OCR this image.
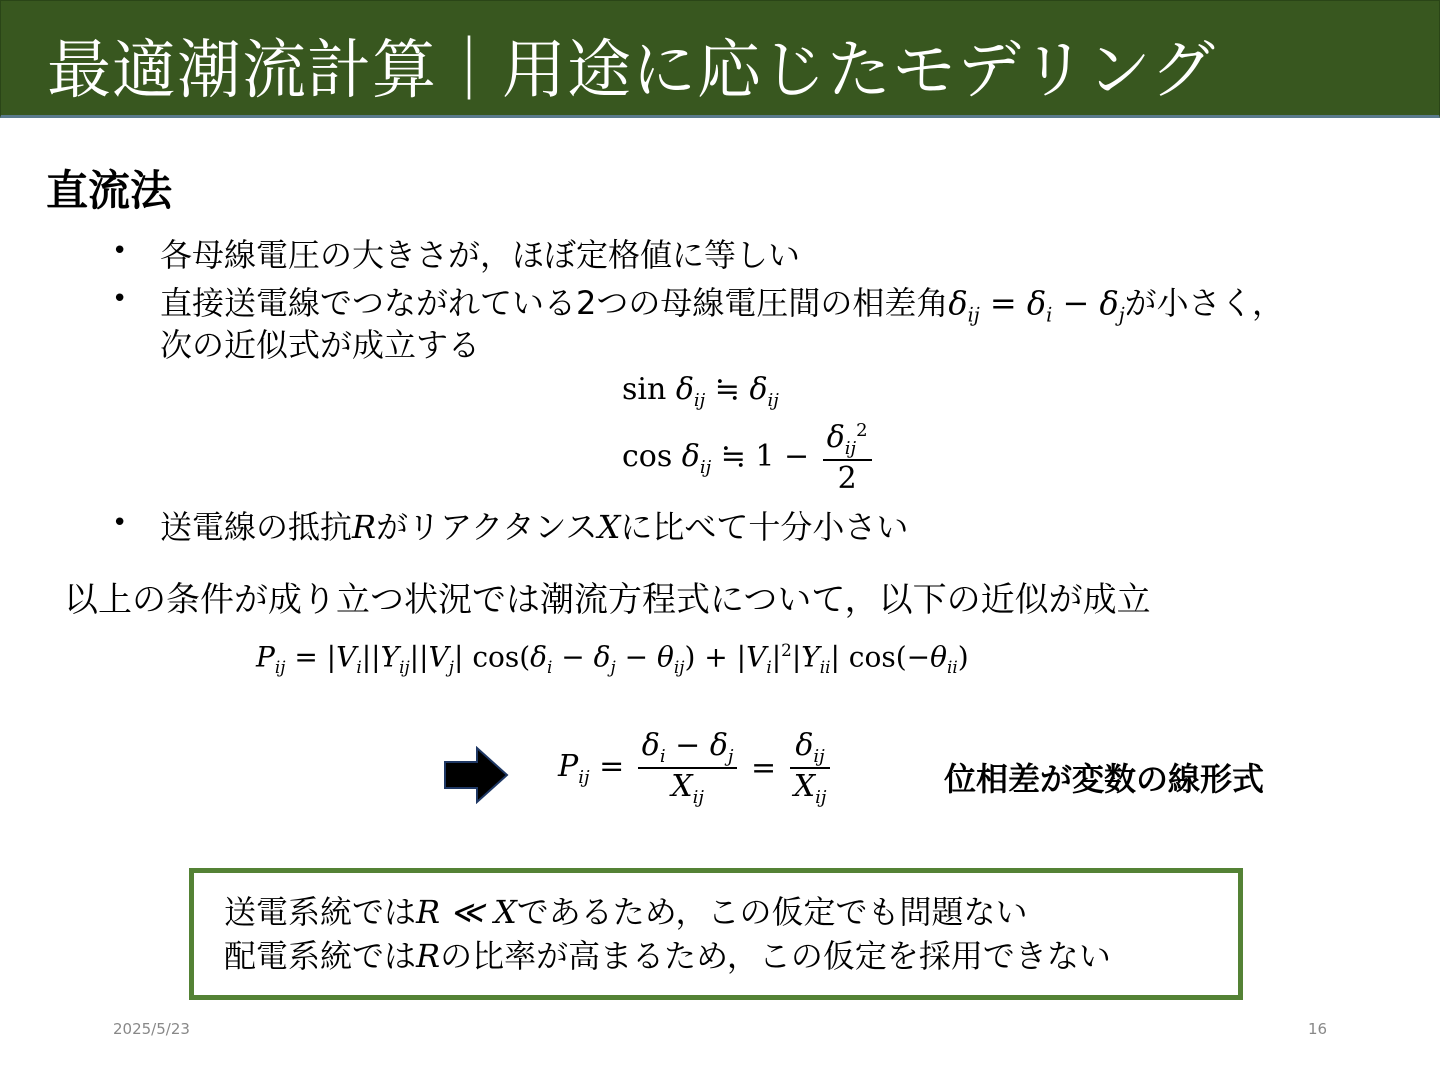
最適潮流計算｜用途に応じたモデリング
直流法
• 各母線電圧の大きさが，ほぼ定格値に等しい
• 直接送電線でつながれている2つの母線電圧間の相差角$\delta_{ij} = \delta_i - \delta_j$が小さく，
次の近似式が成立する
$\sin \delta_{ij}$ ≒ $\delta_{ij}$
$\cos \delta_{ij}$ ≒ $1 - \frac{\delta_{ij}^2}{2}$
• 送電線の抵抗RがリアクタンスXに比べて十分小さい
以上の条件が成り立つ状況では潮流方程式について，以下の近似が成立
$P_{ij} = |V_i||Y_{ij}||V_j|$ $\cos(\delta_i - \delta_j - \theta_{ij}) + |V_i|^2|Y_{ii}|$ $\cos(-\theta_{ii})$
$P_{ij} = \frac{\delta_i - \delta_j}{X_{ij}} = \frac{\delta_{ij}}{X_{ij}}$	位相差が変数の線形式
送電系統ではR ≪ Xであるため，この仮定でも問題ない
配電系統ではRの比率が高まるため，この仮定を採用できない
2025/5/23	16
